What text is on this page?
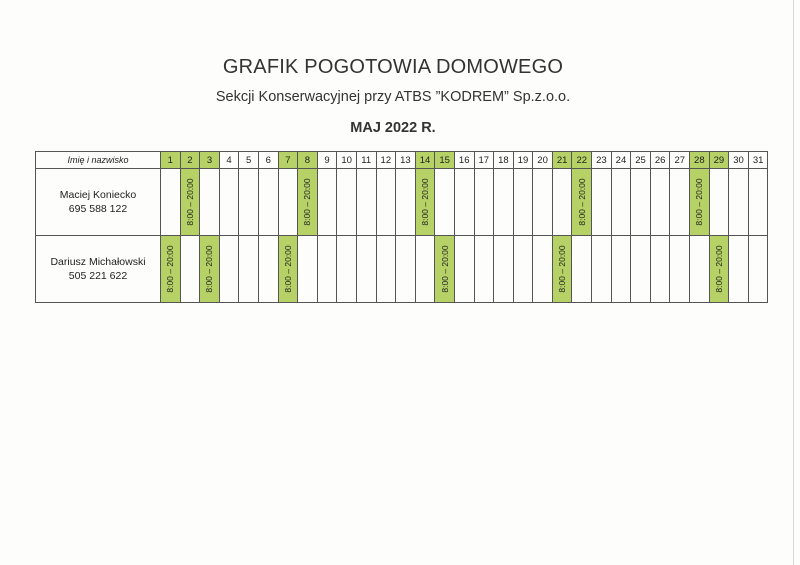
GRAFIK POGOTOWIA DOMOWEGO
Sekcji Konserwacyjnej przy ATBS ”KODREM” Sp.z.o.o.
MAJ 2022 R.
Imię i nazwisko	1	2	3	4	5	6	7	8	9	10	11	12	13	14	15	16	17	18	19	20	21	22	23	24	25	26	27	28	29	30	31

Maciej Koniecko
695 588 122		8:00 – 20:00						8:00 – 20:00						8:00 – 20:00								8:00 – 20:00						8:00 – 20:00			

Dariusz Michałowski
505 221 622	8:00 – 20:00		8:00 – 20:00				8:00 – 20:00								8:00 – 20:00						8:00 – 20:00								8:00 – 20:00		
